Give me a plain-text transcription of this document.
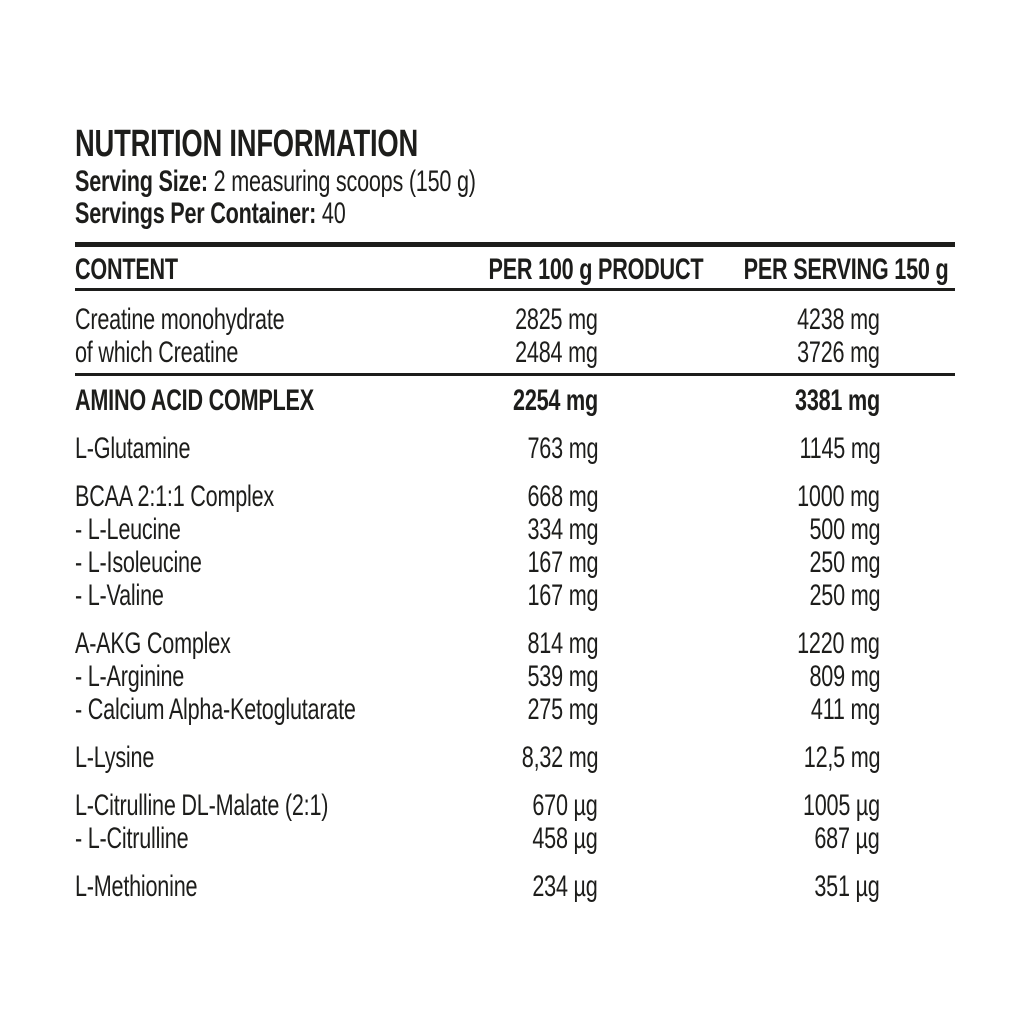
NUTRITION INFORMATION
Serving Size: 2 measuring scoops (150 g)
Servings Per Container: 40
CONTENT	PER 100 g PRODUCT	PER SERVING 150 g
Creatine monohydrate	2825 mg	4238 mg
of which Creatine	2484 mg	3726 mg
AMINO ACID COMPLEX	2254 mg	3381 mg
L-Glutamine	763 mg	1145 mg
BCAA 2:1:1 Complex	668 mg	1000 mg
- L-Leucine	334 mg	500 mg
- L-Isoleucine	167 mg	250 mg
- L-Valine	167 mg	250 mg
A-AKG Complex	814 mg	1220 mg
- L-Arginine	539 mg	809 mg
- Calcium Alpha-Ketoglutarate	275 mg	411 mg
L-Lysine	8,32 mg	12,5 mg
L-Citrulline DL-Malate (2:1)	670 µg	1005 µg
- L-Citrulline	458 µg	687 µg
L-Methionine	234 µg	351 µg
